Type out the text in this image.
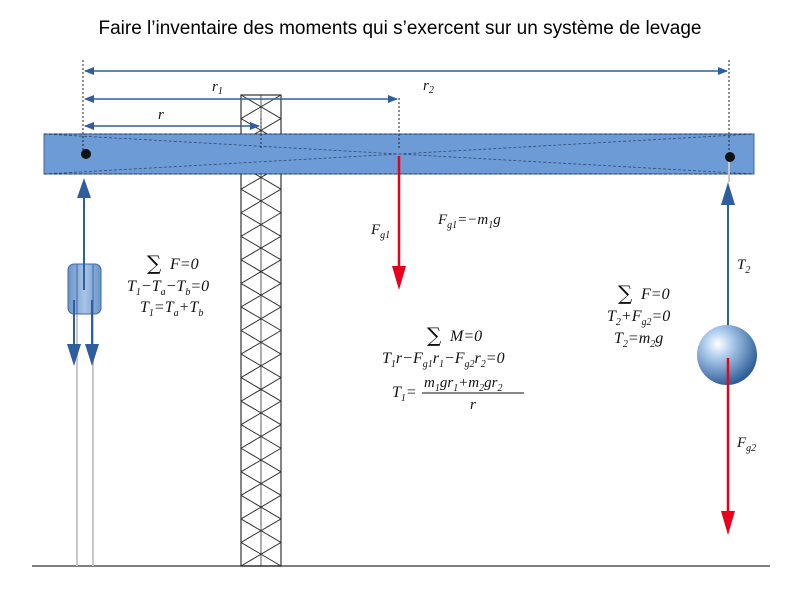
Faire l’inventaire des moments qui s’exercent sur un système de levage
$r_2$
$r_1$
r
$F_{g1}$
$F_{g1}=-m_1g$
$T_2$
$F_{g2}$
∑ F=0
$T_1-T_a-T_b=0$
$T_1=T_a+T_b$
∑ M=0
$T_1r-F_{g1}r_1-F_{g2}r_2=0$
$T_1=$
$m_1gr_1+m_2gr_2$
r
∑ F=0
$T_2+F_{g2}=0$
$T_2=m_2g$
